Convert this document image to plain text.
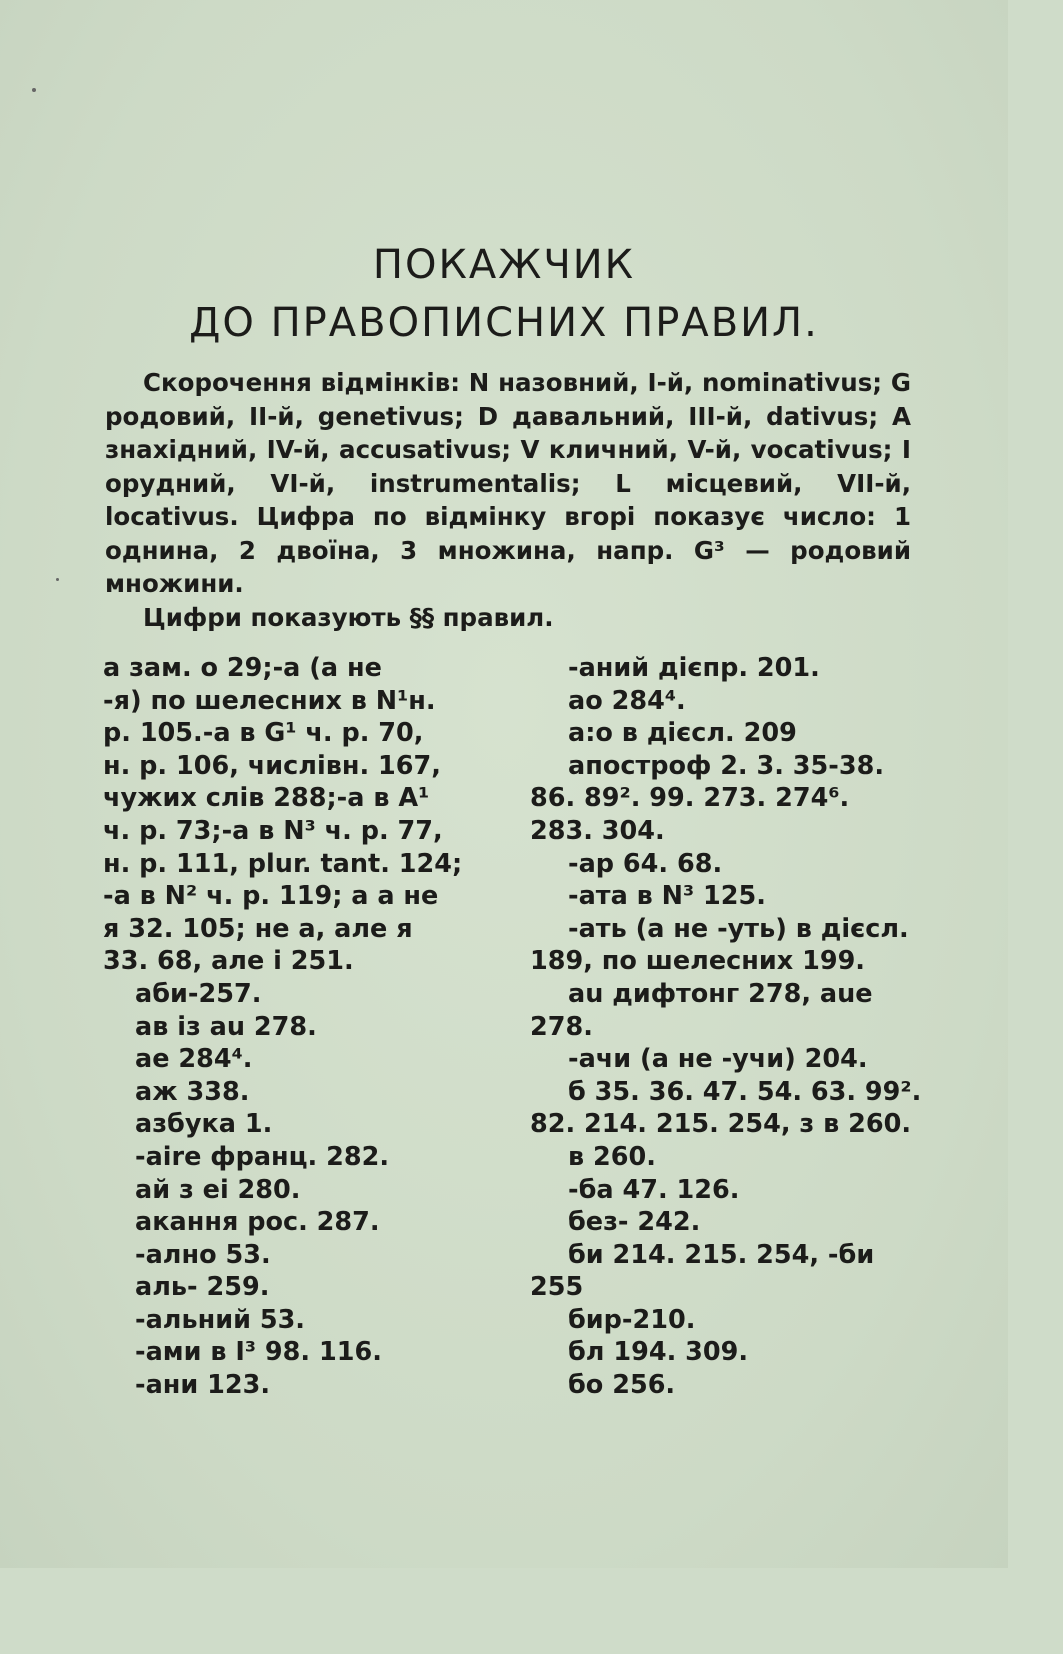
ПОКАЖЧИК
ДО ПРАВОПИСНИХ ПРАВИЛ.

Скорочення відмінків: N назовний, I-й, nominativus; G родовий, II-й, genetivus; D давальний, III-й, dativus; A знахідний, IV-й, accusativus; V кличний, V-й, vocativus; I орудний, VI-й, instrumentalis; L місцевий, VII-й, locativus. Цифра по відмінку вгорі показує число: 1 однина, 2 двоїна, 3 множина, напр. G³ — родовий множини.

Цифри показують §§ правил.

a зам. о 29;-a (а не
-я) по шелесних в N¹н.
р. 105.-a в G¹ ч. р. 70,
н. р. 106, числівн. 167,
чужих слів 288;-a в A¹
ч. р. 73;-a в N³ ч. р. 77,
н. р. 111, plur. tant. 124;
-a в N² ч. р. 119; a а не
я 32. 105; не a, але я
33. 68, але i 251.
аби-257.
ав із au 278.
ае 284⁴.
аж 338.
азбука 1.
-aire франц. 282.
ай з ei 280.
акання рос. 287.
-ално 53.
аль- 259.
-альний 53.
-ами в I³ 98. 116.
-ани 123.
-аний дієпр. 201.
ао 284⁴.
а:о в дієсл. 209
апостроф 2. 3. 35-38.
86. 89². 99. 273. 274⁶.
283. 304.
-ар 64. 68.
-ата в N³ 125.
-ать (а не -уть) в дієсл.
189, по шелесних 199.
au дифтонг 278, aue
278.
-ачи (а не -учи) 204.
б 35. 36. 47. 54. 63. 99².
82. 214. 215. 254, з в 260.
в 260.
-ба 47. 126.
без- 242.
би 214. 215. 254, -би
255
бир-210.
бл 194. 309.
бо 256.
